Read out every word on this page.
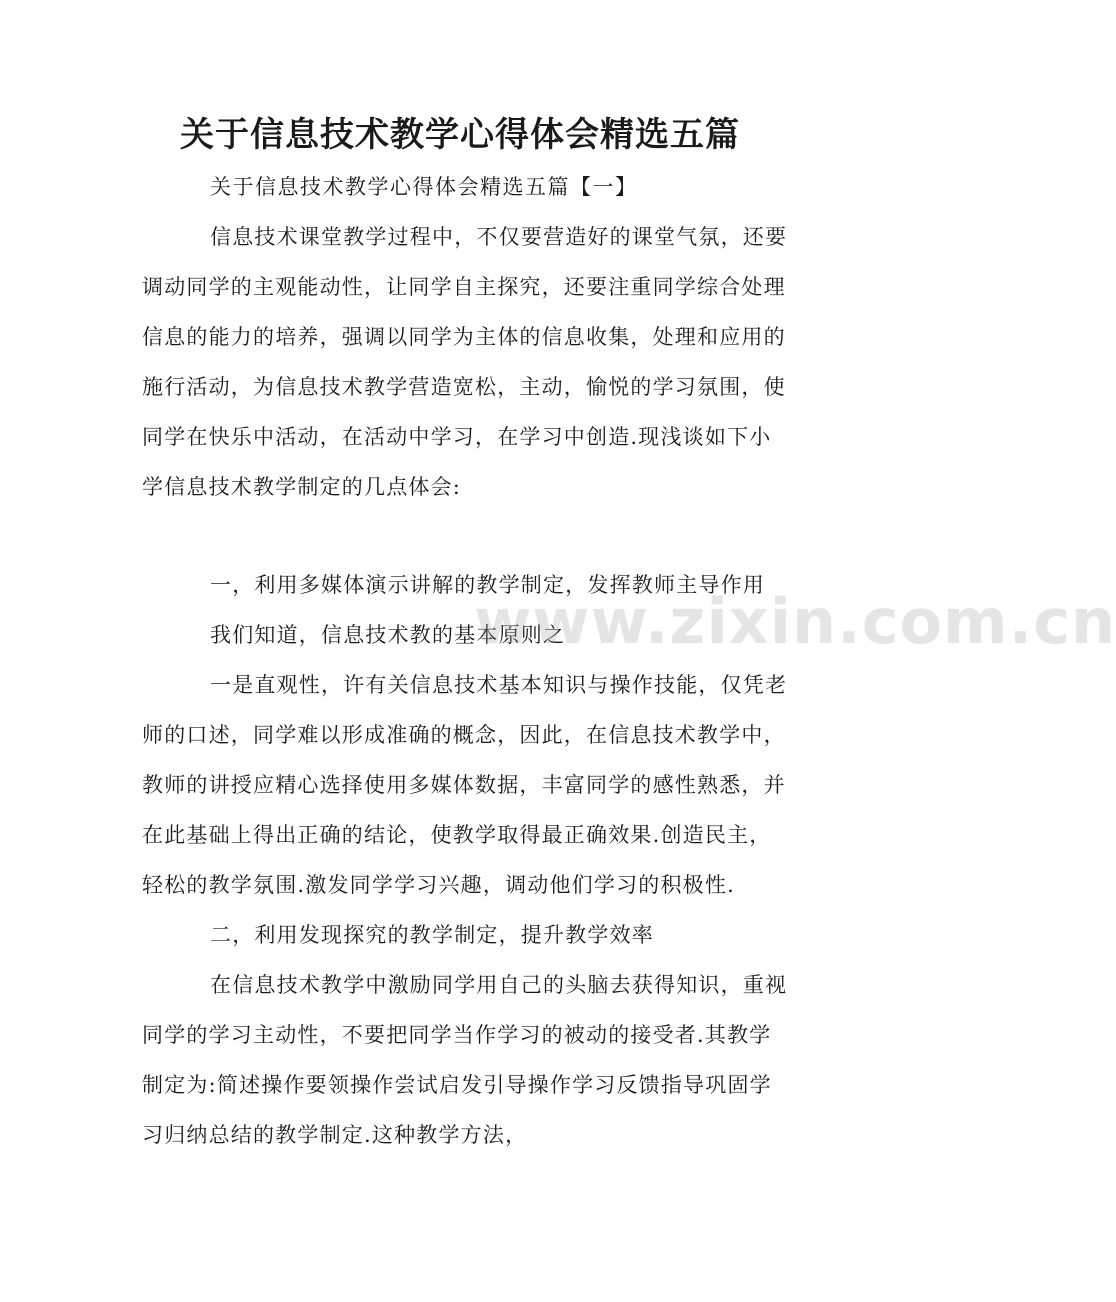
关于信息技术教学心得体会精选五篇

关于信息技术教学心得体会精选五篇【一】

信息技术课堂教学过程中，不仅要营造好的课堂气氛，还要调动同学的主观能动性，让同学自主探究，还要注重同学综合处理信息的能力的培养，强调以同学为主体的信息收集，处理和应用的施行活动，为信息技术教学营造宽松，主动，愉悦的学习氛围，使同学在快乐中活动，在活动中学习，在学习中创造.现浅谈如下小学信息技术教学制定的几点体会:

一，利用多媒体演示讲解的教学制定，发挥教师主导作用

我们知道，信息技术教的基本原则之

一是直观性，许有关信息技术基本知识与操作技能，仅凭老师的口述，同学难以形成准确的概念，因此，在信息技术教学中，教师的讲授应精心选择使用多媒体数据，丰富同学的感性熟悉，并在此基础上得出正确的结论，使教学取得最正确效果.创造民主，轻松的教学氛围.激发同学学习兴趣，调动他们学习的积极性.

二，利用发现探究的教学制定，提升教学效率

在信息技术教学中激励同学用自己的头脑去获得知识，重视同学的学习主动性，不要把同学当作学习的被动的接受者.其教学制定为:简述操作要领操作尝试启发引导操作学习反馈指导巩固学习归纳总结的教学制定.这种教学方法，

www.zixin.com.cn
